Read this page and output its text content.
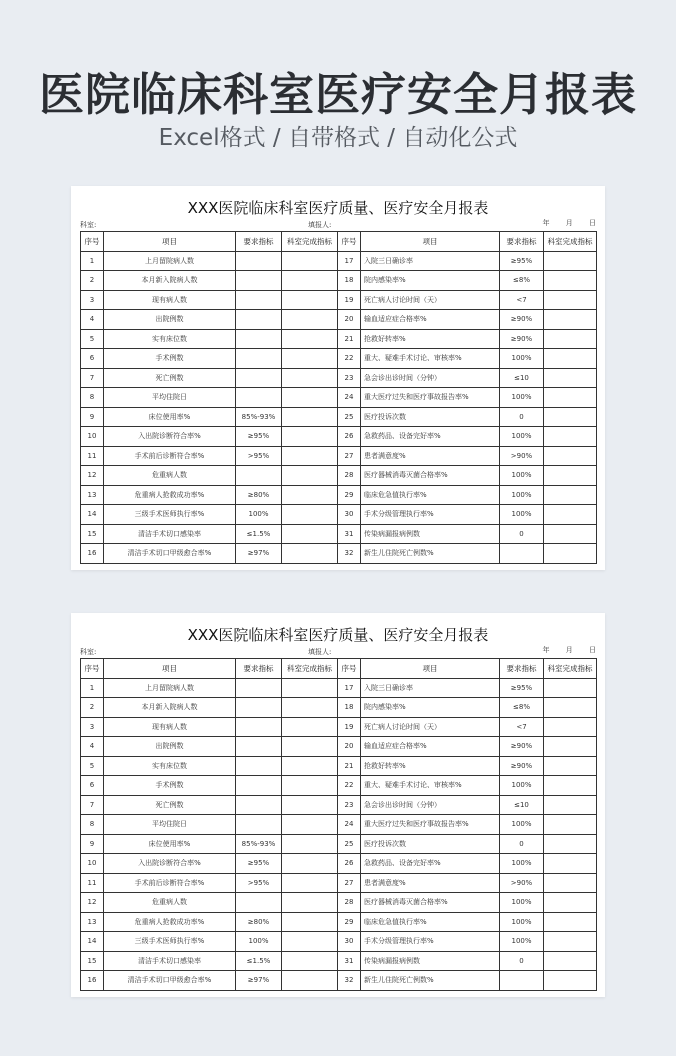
医院临床科室医疗安全月报表
Excel格式 / 自带格式 / 自动化公式
XXX医院临床科室医疗质量、医疗安全月报表
科室:	填报人:	年 月 日
序号	项目	要求指标	科室完成指标	序号	项目	要求指标	科室完成指标
1	上月留院病人数			17	入院三日确诊率	≥95%	
2	本月新入院病人数			18	院内感染率%	≤8%	
3	现有病人数			19	死亡病人讨论时间（天）	<7	
4	出院例数			20	输血适应症合格率%	≥90%	
5	实有床位数			21	抢救好转率%	≥90%	
6	手术例数			22	重大、疑难手术讨论、审核率%	100%	
7	死亡例数			23	急会诊出诊时间（分钟）	≤10	
8	平均住院日			24	重大医疗过失和医疗事故报告率%	100%	
9	床位使用率%	85%-93%		25	医疗投诉次数	0	
10	入出院诊断符合率%	≥95%		26	急救药品、设备完好率%	100%	
11	手术前后诊断符合率%	>95%		27	患者满意度%	>90%	
12	危重病人数			28	医疗器械消毒灭菌合格率%	100%	
13	危重病人抢救成功率%	≥80%		29	临床危急值执行率%	100%	
14	三级手术医师执行率%	100%		30	手术分级管理执行率%	100%	
15	清洁手术切口感染率	≤1.5%		31	传染病漏报病例数	0	
16	清洁手术切口甲级愈合率%	≥97%		32	新生儿住院死亡例数%		
XXX医院临床科室医疗质量、医疗安全月报表
科室:	填报人:	年 月 日
序号	项目	要求指标	科室完成指标	序号	项目	要求指标	科室完成指标
1	上月留院病人数			17	入院三日确诊率	≥95%	
2	本月新入院病人数			18	院内感染率%	≤8%	
3	现有病人数			19	死亡病人讨论时间（天）	<7	
4	出院例数			20	输血适应症合格率%	≥90%	
5	实有床位数			21	抢救好转率%	≥90%	
6	手术例数			22	重大、疑难手术讨论、审核率%	100%	
7	死亡例数			23	急会诊出诊时间（分钟）	≤10	
8	平均住院日			24	重大医疗过失和医疗事故报告率%	100%	
9	床位使用率%	85%-93%		25	医疗投诉次数	0	
10	入出院诊断符合率%	≥95%		26	急救药品、设备完好率%	100%	
11	手术前后诊断符合率%	>95%		27	患者满意度%	>90%	
12	危重病人数			28	医疗器械消毒灭菌合格率%	100%	
13	危重病人抢救成功率%	≥80%		29	临床危急值执行率%	100%	
14	三级手术医师执行率%	100%		30	手术分级管理执行率%	100%	
15	清洁手术切口感染率	≤1.5%		31	传染病漏报病例数	0	
16	清洁手术切口甲级愈合率%	≥97%		32	新生儿住院死亡例数%		
